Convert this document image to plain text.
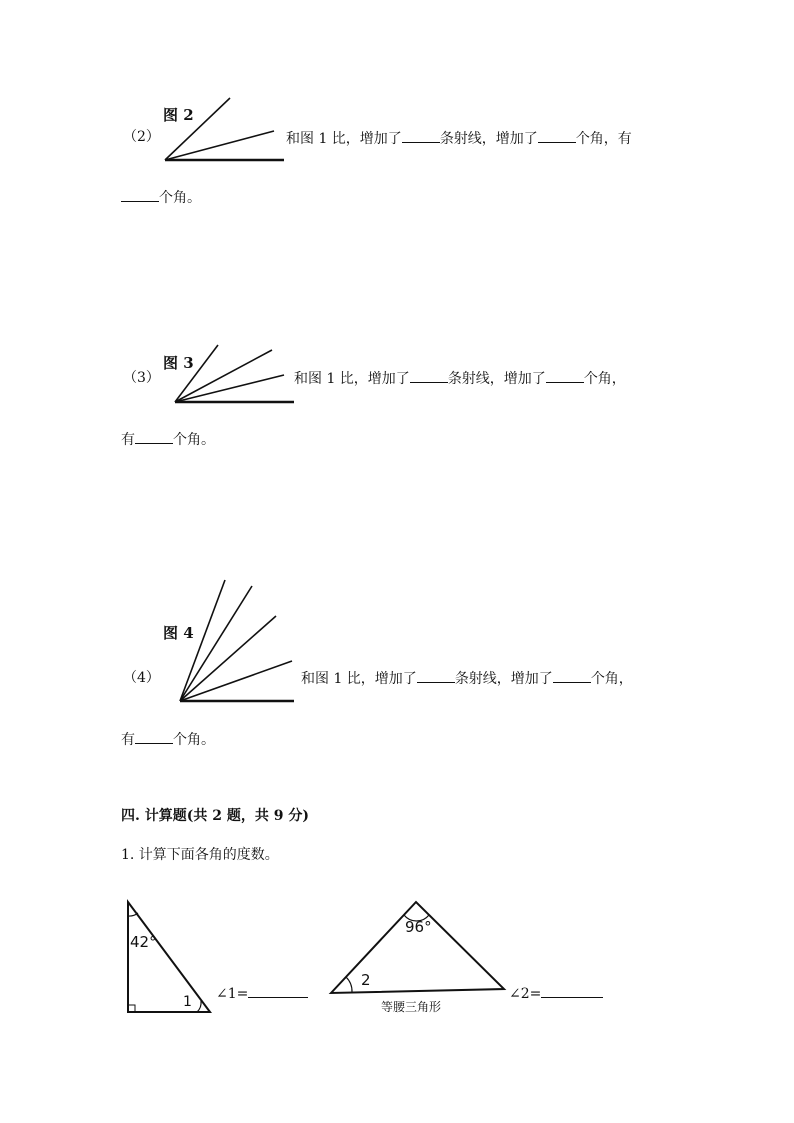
（2）
图 2
和图 1 比，增加了	条射线，增加了	个角，有
个角。
（3）
图 3
和图 1 比，增加了	条射线，增加了	个角，
有	个角。
（4）
图 4
和图 1 比，增加了	条射线，增加了	个角，
有	个角。
四. 计算题(共 2 题，共 9 分)
1. 计算下面各角的度数。
42°
1 ∠1=
96°
2
等腰三角形
∠2=
